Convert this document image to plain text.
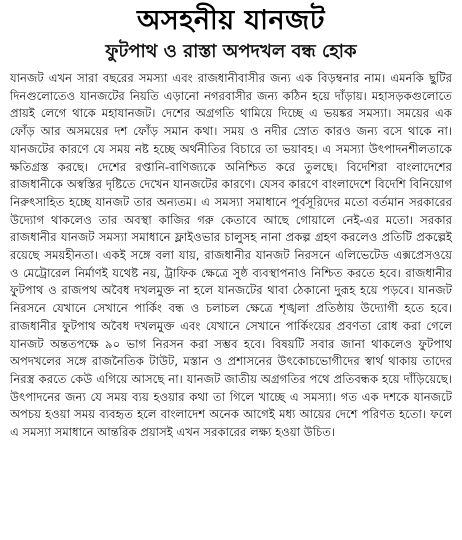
অসহনীয় যানজট
ফুটপাথ ও রাস্তা অপদখল বন্ধ হোক

যানজট এখন সারা বছরের সমস্যা এবং রাজধানীবাসীর জন্য এক বিড়ম্বনার নাম। এমনকি ছুটির দিনগুলোতেও যানজটের নিয়তি এড়ানো নগরবাসীর জন্য কঠিন হয়ে দাঁড়ায়। মহাসড়কগুলোতে প্রায়ই লেগে থাকে মহাযানজট। দেশের অগ্রগতি থামিয়ে দিচ্ছে এ ভয়ঙ্কর সমস্যা। সময়ের এক ফোঁড় আর অসময়ের দশ ফোঁড় সমান কথা। সময় ও নদীর স্রোত কারও জন্য বসে থাকে না। যানজটের কারণে যে সময় নষ্ট হচ্ছে অর্থনীতির বিচারে তা ভয়াবহ। এ সমস্যা উৎপাদনশীলতাকে ক্ষতিগ্রস্ত করছে। দেশের রপ্তানি-বাণিজ্যকে অনিশ্চিত করে তুলছে। বিদেশিরা বাংলাদেশের রাজধানীকে অস্বস্তির দৃষ্টিতে দেখেন যানজটের কারণে। যেসব কারণে বাংলাদেশে বিদেশি বিনিয়োগ নিরুৎসাহিত হচ্ছে যানজট তার অন্যতম। এ সমস্যা সমাধানে পূর্বসূরিদের মতো বর্তমান সরকারের উদ্যোগ থাকলেও তার অবস্থা কাজির গরু কেতাবে আছে গোয়ালে নেই-এর মতো। সরকার রাজধানীর যানজট সমস্যা সমাধানে ফ্লাইওভার চালুসহ নানা প্রকল্প গ্রহণ করলেও প্রতিটি প্রকল্পেই রয়েছে সময়হীনতা। একই সঙ্গে বলা যায়, রাজধানীর যানজট নিরসনে এলিভেটেড এক্সপ্রেসওয়ে ও মেট্রোরেল নির্মাণই যথেষ্ট নয়, ট্রাফিক ক্ষেত্রে সুষ্ঠ ব্যবস্থাপনাও নিশ্চিত করতে হবে। রাজধানীর ফুটপাথ ও রাজপথ অবৈধ দখলমুক্ত না হলে যানজটের থাবা ঠেকানো দুরূহ হয়ে পড়বে। যানজট নিরসনে যেখানে সেখানে পার্কিং বন্ধ ও চলাচল ক্ষেত্রে শৃঙ্খলা প্রতিষ্ঠায় উদ্যোগী হতে হবে। রাজধানীর ফুটপাথ অবৈধ দখলমুক্ত এবং যেখানে সেখানে পার্কিংয়ের প্রবণতা রোধ করা গেলে যানজট অন্ততপক্ষে ৯০ ভাগ নিরসন করা সম্ভব হবে। বিষয়টি সবার জানা থাকলেও ফুটপাথ অপদখলের সঙ্গে রাজনৈতিক টাউট, মস্তান ও প্রশাসনের উৎকোচভোগীদের স্বার্থ থাকায় তাদের নিরস্ত্র করতে কেউ এগিয়ে আসছে না। যানজট জাতীয় অগ্রগতির পথে প্রতিবন্ধক হয়ে দাঁড়িয়েছে। উৎপাদনের জন্য যে সময় ব্যয় হওয়ার কথা তা গিলে খাচ্ছে এ সমস্যা। গত এক দশকে যানজটে অপচয় হওয়া সময় ব্যবহৃত হলে বাংলাদেশ অনেক আগেই মধ্য আয়ের দেশে পরিণত হতো। ফলে এ সমস্যা সমাধানে আন্তরিক প্রয়াসই এখন সরকারের লক্ষ্য হওয়া উচিত।
